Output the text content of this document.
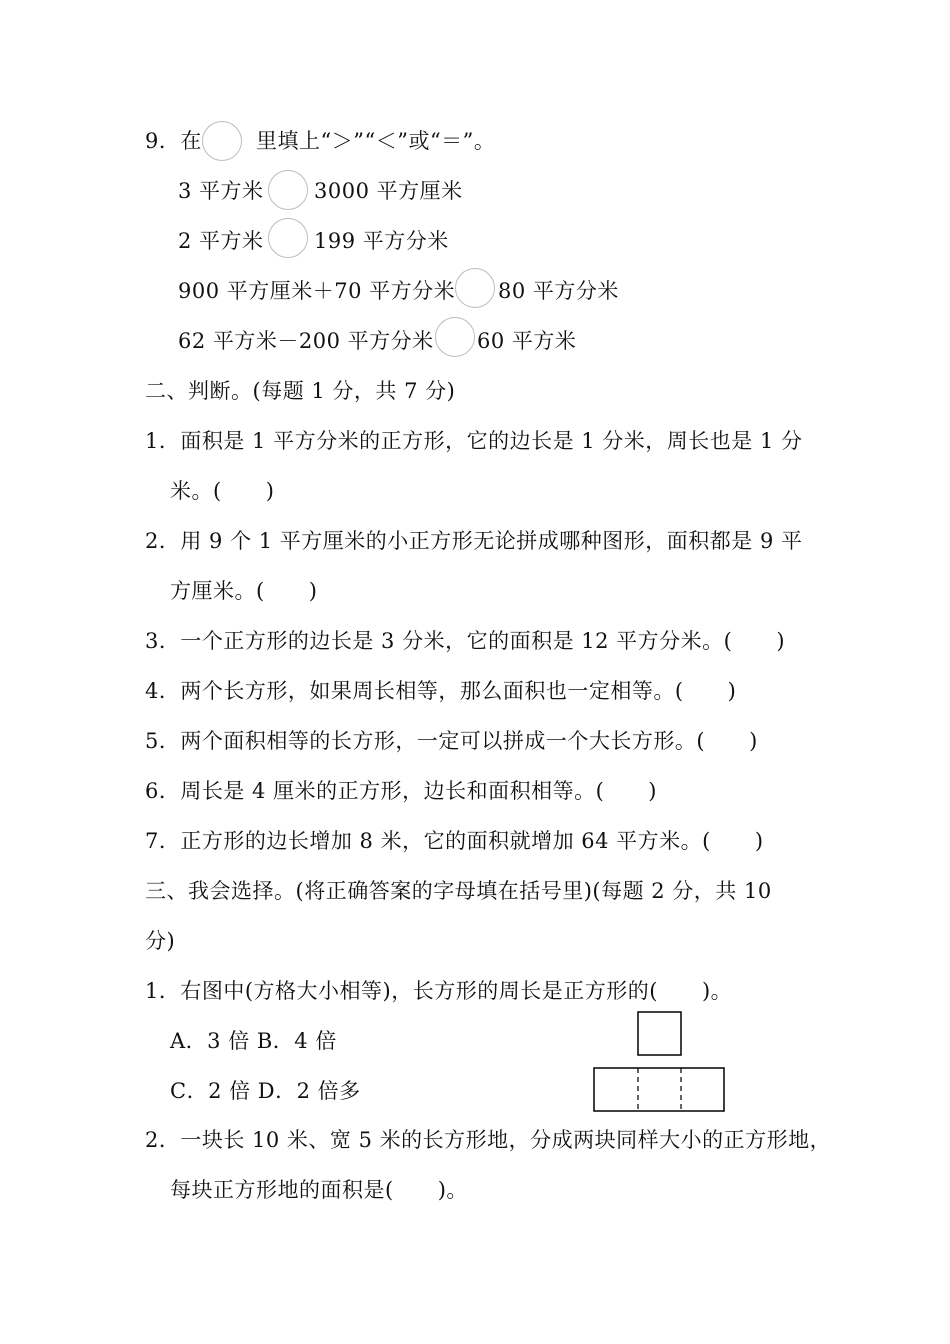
9．在	里填上“＞”“＜”或“＝”。
3 平方米 3000 平方厘米
2 平方米 199 平方分米
900 平方厘米＋70 平方分米 80 平方分米
62 平方米－200 平方分米 60 平方米
二、判断。(每题 1 分，共 7 分)
1．面积是 1 平方分米的正方形，它的边长是 1 分米，周长也是 1 分
米。( )
2．用 9 个 1 平方厘米的小正方形无论拼成哪种图形，面积都是 9 平
方厘米。( )
3．一个正方形的边长是 3 分米，它的面积是 12 平方分米。( )
4．两个长方形，如果周长相等，那么面积也一定相等。( )
5．两个面积相等的长方形，一定可以拼成一个大长方形。( )
6．周长是 4 厘米的正方形，边长和面积相等。( )
7．正方形的边长增加 8 米，它的面积就增加 64 平方米。( )
三、我会选择。(将正确答案的字母填在括号里)(每题 2 分，共 10
分)
1．右图中(方格大小相等)，长方形的周长是正方形的( )。
A．3 倍 B．4 倍
C．2 倍 D．2 倍多
2．一块长 10 米、宽 5 米的长方形地，分成两块同样大小的正方形地，
每块正方形地的面积是( )。
